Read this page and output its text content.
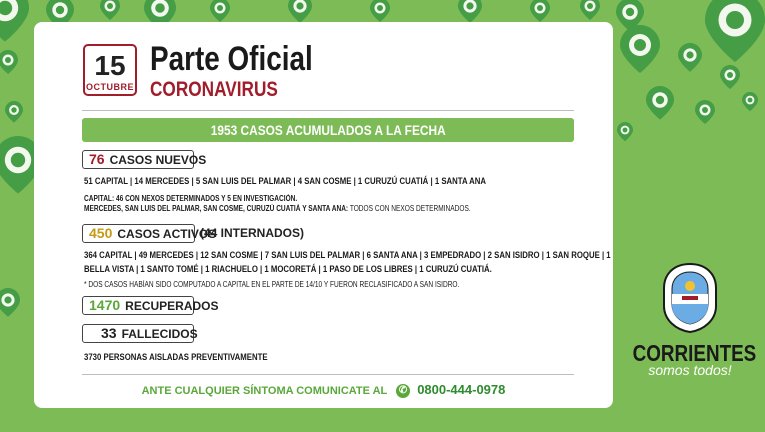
15
OCTUBRE
Parte Oficial
CORONAVIRUS
1953 CASOS ACUMULADOS A LA FECHA
76 CASOS NUEVOS
51 CAPITAL | 14 MERCEDES | 5 SAN LUIS DEL PALMAR | 4 SAN COSME | 1 CURUZÚ CUATIÁ | 1 SANTA ANA
CAPITAL: 46 CON NEXOS DETERMINADOS Y 5 EN INVESTIGACIÓN.
MERCEDES, SAN LUIS DEL PALMAR, SAN COSME, CURUZÚ CUATIÁ Y SANTA ANA: TODOS CON NEXOS DETERMINADOS.
450 CASOS ACTIVOS
(44 INTERNADOS)
364 CAPITAL | 49 MERCEDES | 12 SAN COSME | 7 SAN LUIS DEL PALMAR | 6 SANTA ANA | 3 EMPEDRADO | 2 SAN ISIDRO | 1 SAN ROQUE | 1
BELLA VISTA | 1 SANTO TOMÉ | 1 RIACHUELO | 1 MOCORETÁ | 1 PASO DE LOS LIBRES | 1 CURUZÚ CUATIÁ.
* DOS CASOS HABÍAN SIDO COMPUTADO A CAPITAL EN EL PARTE DE 14/10 Y FUERON RECLASIFICADO A SAN ISIDRO.
1470 RECUPERADOS
33 FALLECIDOS
3730 PERSONAS AISLADAS PREVENTIVAMENTE
ANTE CUALQUIER SÍNTOMA COMUNICATE AL ✆ 0800-444-0978
CORRIENTES
somos todos!
